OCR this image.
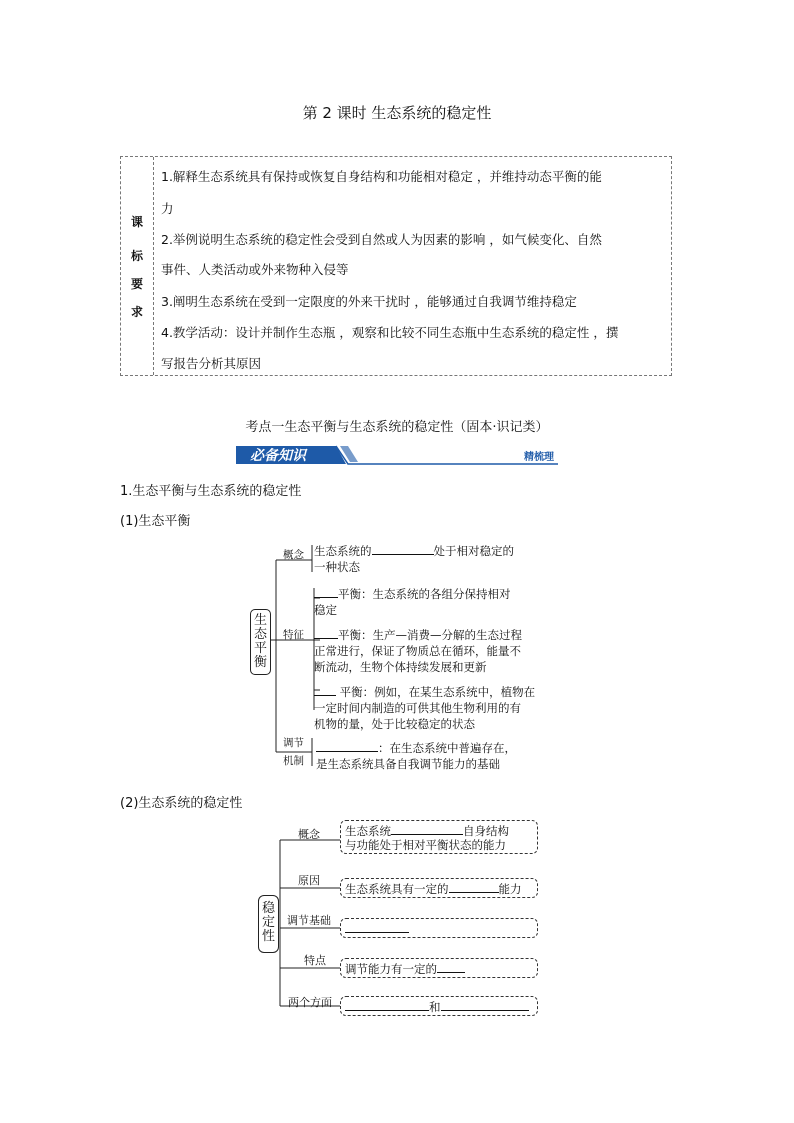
第 2 课时 生态系统的稳定性
课
标
要
求
1.解释生态系统具有保持或恢复自身结构和功能相对稳定 ，并维持动态平衡的能
力
2.举例说明生态系统的稳定性会受到自然或人为因素的影响 ，如气候变化、自然
事件、人类活动或外来物种入侵等
3.阐明生态系统在受到一定限度的外来干扰时 ，能够通过自我调节维持稳定
4.教学活动：设计并制作生态瓶 ，观察和比较不同生态瓶中生态系统的稳定性 ，撰
写报告分析其原因
考点一生态平衡与生态系统的稳定性（固本·识记类）
必备知识	精梳理
1.生态平衡与生态系统的稳定性
(1)生态平衡
生
态
平
衡
概念 生态系统的	处于相对稳定的
一种状态
特征
平衡：生态系统的各组分保持相对
稳定
平衡：生产—消费—分解的生态过程
正常进行，保证了物质总在循环，能量不
断流动，生物个体持续发展和更新
平衡：例如，在某生态系统中，植物在
一定时间内制造的可供其他生物利用的有
机物的量，处于比较稳定的状态
调节
机制
：在生态系统中普遍存在，
是生态系统具备自我调节能力的基础
(2)生态系统的稳定性
稳
定
性
概念 生态系统	自身结构
与功能处于相对平衡状态的能力
原因
生态系统具有一定的	能力
调节基础
特点
调节能力有一定的
两个方面	和
